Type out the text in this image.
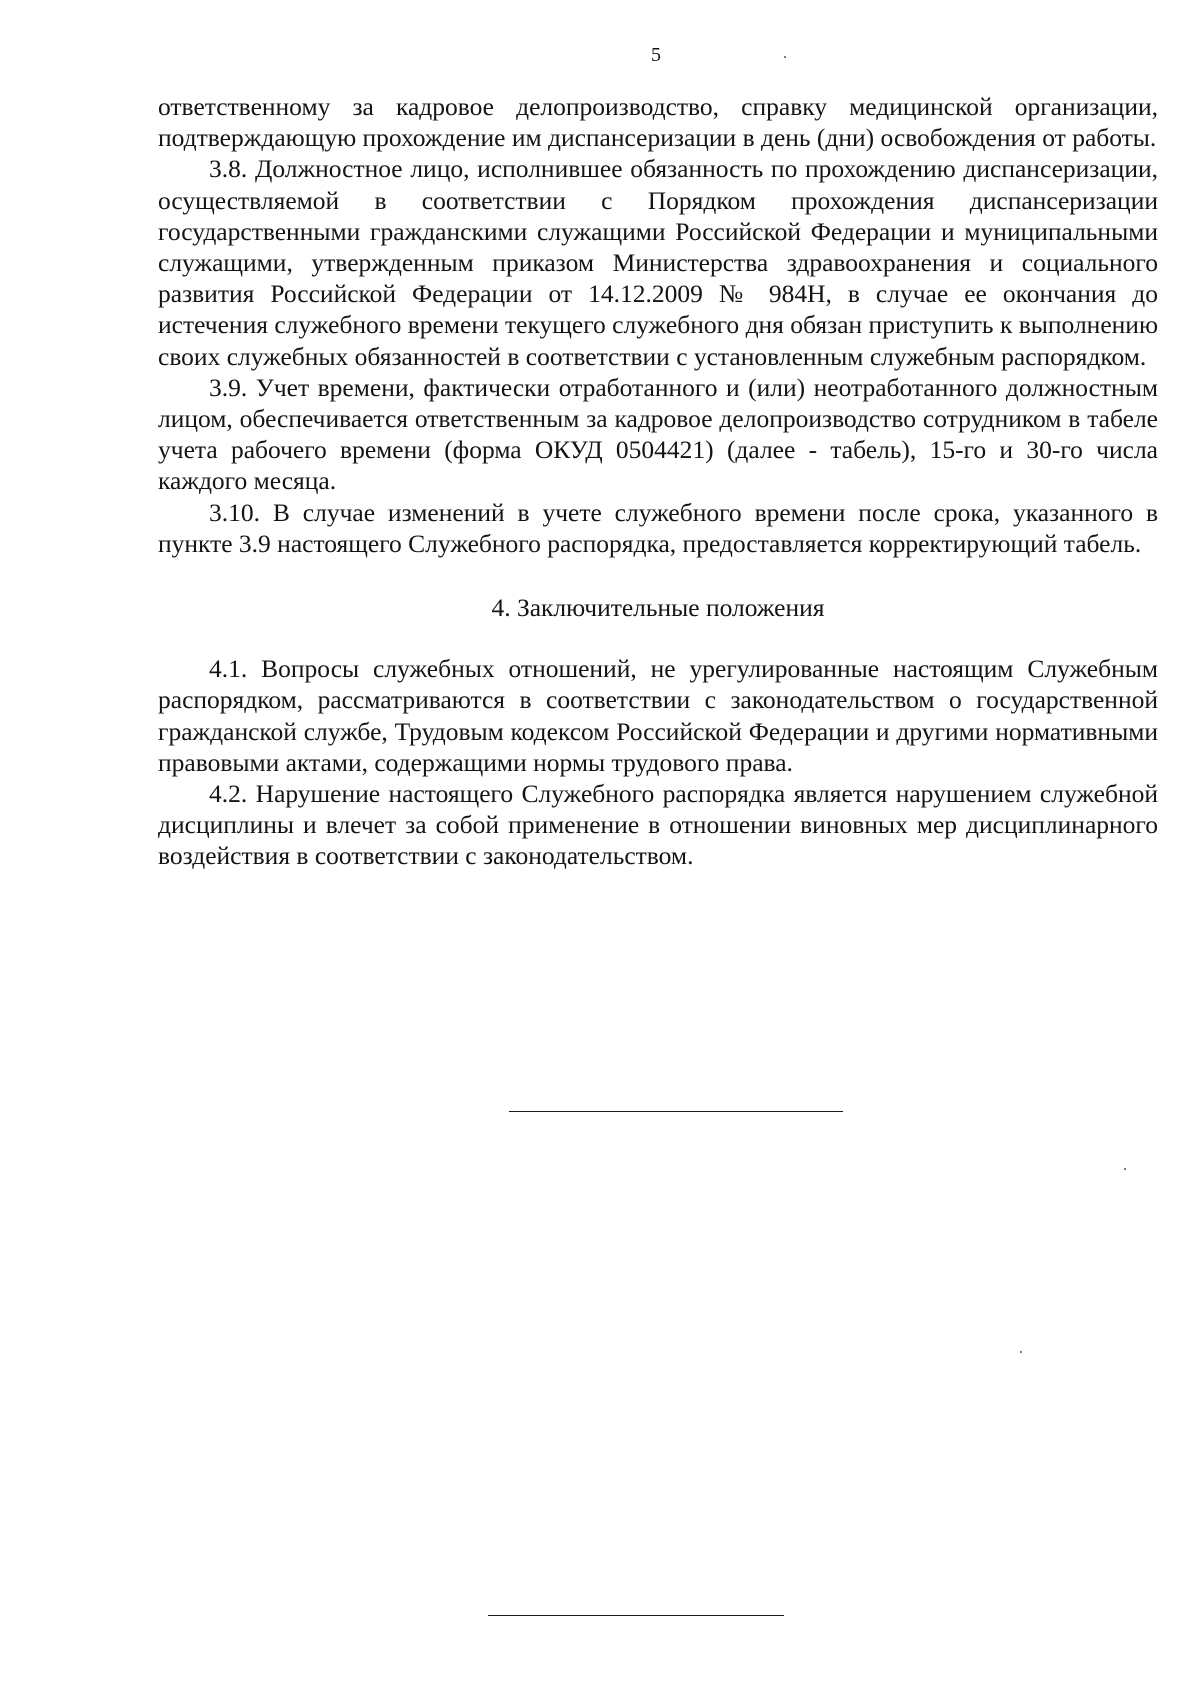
5

ответственному за кадровое делопроизводство, справку медицинской организации, подтверждающую прохождение им диспансеризации в день (дни) освобождения от работы.

3.8. Должностное лицо, исполнившее обязанность по прохождению диспансеризации, осуществляемой в соответствии с Порядком прохождения диспансеризации государственными гражданскими служащими Российской Федерации и муниципальными служащими, утвержденным приказом Министерства здравоохранения и социального развития Российской Федерации от 14.12.2009 № 984Н, в случае ее окончания до истечения служебного времени текущего служебного дня обязан приступить к выполнению своих служебных обязанностей в соответствии с установленным служебным распорядком.

3.9. Учет времени, фактически отработанного и (или) неотработанного должностным лицом, обеспечивается ответственным за кадровое делопроизводство сотрудником в табеле учета рабочего времени (форма ОКУД 0504421) (далее - табель), 15-го и 30-го числа каждого месяца.

3.10. В случае изменений в учете служебного времени после срока, указанного в пункте 3.9 настоящего Служебного распорядка, предоставляется корректирующий табель.

4. Заключительные положения

4.1. Вопросы служебных отношений, не урегулированные настоящим Служебным распорядком, рассматриваются в соответствии с законодательством о государственной гражданской службе, Трудовым кодексом Российской Федерации и другими нормативными правовыми актами, содержащими нормы трудового права.

4.2. Нарушение настоящего Служебного распорядка является нарушением служебной дисциплины и влечет за собой применение в отношении виновных мер дисциплинарного воздействия в соответствии с законодательством.
